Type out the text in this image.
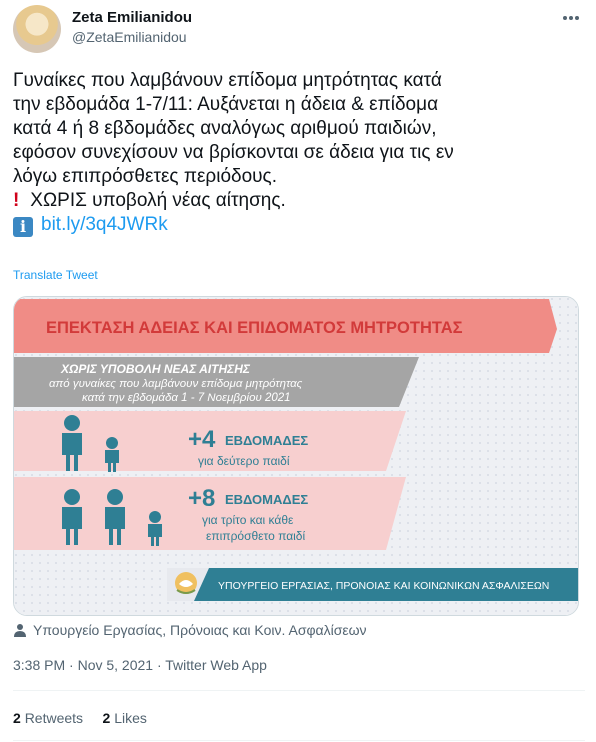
Zeta Emilianidou
@ZetaEmilianidou
Γυναίκες που λαμβάνουν επίδομα μητρότητας κατά
την εβδομάδα 1-7/11: Αυξάνεται η άδεια & επίδομα
κατά 4 ή 8 εβδομάδες αναλόγως αριθμού παιδιών,
εφόσον συνεχίσουν να βρίσκονται σε άδεια για τις εν
λόγω επιπρόσθετες περιόδους.
! ΧΩΡΙΣ υποβολή νέας αίτησης.
i bit.ly/3q4JWRk
Translate Tweet
ΕΠΕΚΤΑΣΗ ΑΔΕΙΑΣ ΚΑΙ ΕΠΙΔΟΜΑΤΟΣ ΜΗΤΡΟΤΗΤΑΣ
ΧΩΡΙΣ ΥΠΟΒΟΛΗ ΝΕΑΣ ΑΙΤΗΣΗΣ
από γυναίκες που λαμβάνουν επίδομα μητρότητας
κατά την εβδομάδα 1 - 7 Νοεμβρίου 2021
+4 ΕΒΔΟΜΑΔΕΣ
για δεύτερο παιδί
+8 ΕΒΔΟΜΑΔΕΣ
για τρίτο και κάθε
επιπρόσθετο παιδί
ΥΠΟΥΡΓΕΙΟ ΕΡΓΑΣΙΑΣ, ΠΡΟΝΟΙΑΣ ΚΑΙ ΚΟΙΝΩΝΙΚΩΝ ΑΣΦΑΛΙΣΕΩΝ
Υπουργείο Εργασίας, Πρόνοιας και Κοιν. Ασφαλίσεων
3:38 PM · Nov 5, 2021 · Twitter Web App
2 Retweets 2 Likes
